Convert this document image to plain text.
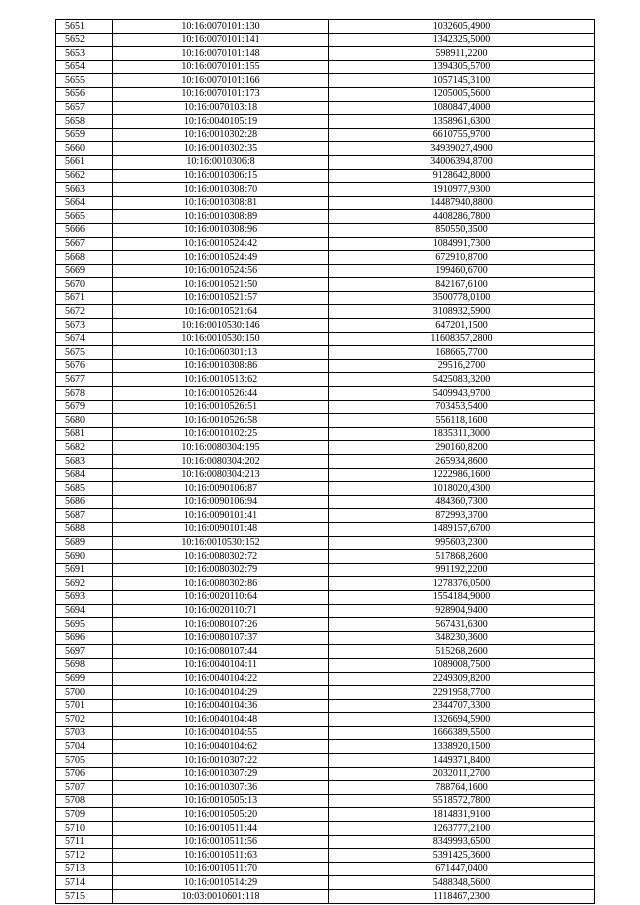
5651	10:16:0070101:130	1032605,4900
5652	10:16:0070101:141	1342325,5000
5653	10:16:0070101:148	598911,2200
5654	10:16:0070101:155	1394305,5700
5655	10:16:0070101:166	1057145,3100
5656	10:16:0070101:173	1205005,5600
5657	10:16:0070103:18	1080847,4000
5658	10:16:0040105:19	1358961,6300
5659	10:16:0010302:28	6610755,9700
5660	10:16:0010302:35	34939027,4900
5661	10:16:0010306:8	34006394,8700
5662	10:16:0010306:15	9128642,8000
5663	10:16:0010308:70	1910977,9300
5664	10:16:0010308:81	14487940,8800
5665	10:16:0010308:89	4408286,7800
5666	10:16:0010308:96	850550,3500
5667	10:16:0010524:42	1084991,7300
5668	10:16:0010524:49	672910,8700
5669	10:16:0010524:56	199460,6700
5670	10:16:0010521:50	842167,6100
5671	10:16:0010521:57	3500778,0100
5672	10:16:0010521:64	3108932,5900
5673	10:16:0010530:146	647201,1500
5674	10:16:0010530:150	11608357,2800
5675	10:16:0060301:13	168665,7700
5676	10:16:0010308:86	29516,2700
5677	10:16:0010513:62	5425083,3200
5678	10:16:0010526:44	5409943,9700
5679	10:16:0010526:51	703453,5400
5680	10:16:0010526:58	556118,1600
5681	10:16:0010102:25	1835311,3000
5682	10:16:0080304:195	290160,8200
5683	10:16:0080304:202	265934,8600
5684	10:16:0080304:213	1222986,1600
5685	10:16:0090106:87	1018020,4300
5686	10:16:0090106:94	484360,7300
5687	10:16:0090101:41	872993,3700
5688	10:16:0090101:48	1489157,6700
5689	10:16:0010530:152	995603,2300
5690	10:16:0080302:72	517868,2600
5691	10:16:0080302:79	991192,2200
5692	10:16:0080302:86	1278376,0500
5693	10:16:0020110:64	1554184,9000
5694	10:16:0020110:71	928904,9400
5695	10:16:0080107:26	567431,6300
5696	10:16:0080107:37	348230,3600
5697	10:16:0080107:44	515268,2600
5698	10:16:0040104:11	1089008,7500
5699	10:16:0040104:22	2249309,8200
5700	10:16:0040104:29	2291958,7700
5701	10:16:0040104:36	2344707,3300
5702	10:16:0040104:48	1326694,5900
5703	10:16:0040104:55	1666389,5500
5704	10:16:0040104:62	1338920,1500
5705	10:16:0010307:22	1449371,8400
5706	10:16:0010307:29	2032011,2700
5707	10:16:0010307:36	788764,1600
5708	10:16:0010505:13	5518572,7800
5709	10:16:0010505:20	1814831,9100
5710	10:16:0010511:44	1263777,2100
5711	10:16:0010511:56	8349993,6500
5712	10:16:0010511:63	5391425,3600
5713	10:16:0010511:70	671447,0400
5714	10:16:0010514:29	5488348,5600
5715	10:03:0010601:118	1118467,2300
